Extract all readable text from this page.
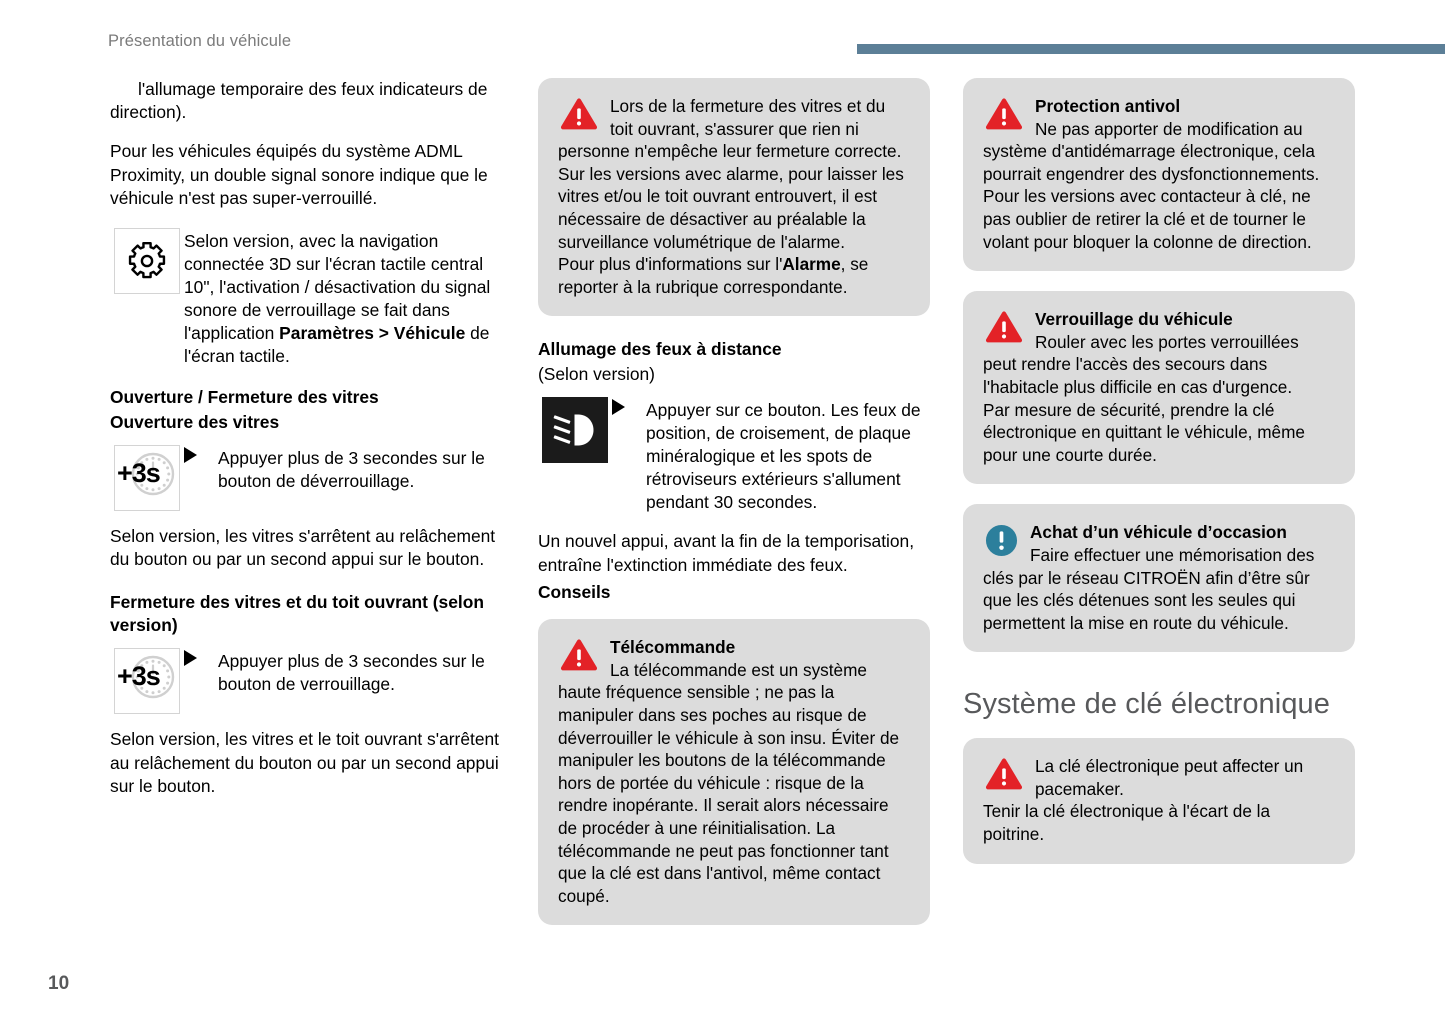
Présentation du véhicule
10

l'allumage temporaire des feux indicateurs de direction).

Pour les véhicules équipés du système ADML Proximity, un double signal sonore indique que le véhicule n'est pas super-verrouillé.

Selon version, avec la navigation connectée 3D sur l'écran tactile central 10", l'activation / désactivation du signal sonore de verrouillage se fait dans l'application Paramètres > Véhicule de l'écran tactile.
Ouverture / Fermeture des vitres
Ouverture des vitres
+3s	Appuyer plus de 3 secondes sur le bouton de déverrouillage.

Selon version, les vitres s'arrêtent au relâchement du bouton ou par un second appui sur le bouton.

Fermeture des vitres et du toit ouvrant (selon version)
+3s	Appuyer plus de 3 secondes sur le bouton de verrouillage.

Selon version, les vitres et le toit ouvrant s'arrêtent au relâchement du bouton ou par un second appui sur le bouton.

Lors de la fermeture des vitres et du toit ouvrant, s'assurer que rien ni personne n'empêche leur fermeture correcte.
Sur les versions avec alarme, pour laisser les vitres et/ou le toit ouvrant entrouvert, il est nécessaire de désactiver au préalable la surveillance volumétrique de l'alarme.
Pour plus d'informations sur l'Alarme, se reporter à la rubrique correspondante.
Allumage des feux à distance
(Selon version)
Appuyer sur ce bouton. Les feux de position, de croisement, de plaque minéralogique et les spots de rétroviseurs extérieurs s'allument pendant 30 secondes.

Un nouvel appui, avant la fin de la temporisation, entraîne l'extinction immédiate des feux.

Conseils
Télécommande
La télécommande est un système haute fréquence sensible ; ne pas la manipuler dans ses poches au risque de déverrouiller le véhicule à son insu. Éviter de manipuler les boutons de la télécommande hors de portée du véhicule : risque de la rendre inopérante. Il serait alors nécessaire de procéder à une réinitialisation. La télécommande ne peut pas fonctionner tant que la clé est dans l'antivol, même contact coupé.
Protection antivol
Ne pas apporter de modification au système d'antidémarrage électronique, cela pourrait engendrer des dysfonctionnements. Pour les versions avec contacteur à clé, ne pas oublier de retirer la clé et de tourner le volant pour bloquer la colonne de direction.
Verrouillage du véhicule
Rouler avec les portes verrouillées peut rendre l'accès des secours dans l'habitacle plus difficile en cas d'urgence.
Par mesure de sécurité, prendre la clé électronique en quittant le véhicule, même pour une courte durée.
Achat d’un véhicule d’occasion
Faire effectuer une mémorisation des clés par le réseau CITROËN afin d’être sûr que les clés détenues sont les seules qui permettent la mise en route du véhicule.
Système de clé électronique
La clé électronique peut affecter un pacemaker.
Tenir la clé électronique à l'écart de la poitrine.
